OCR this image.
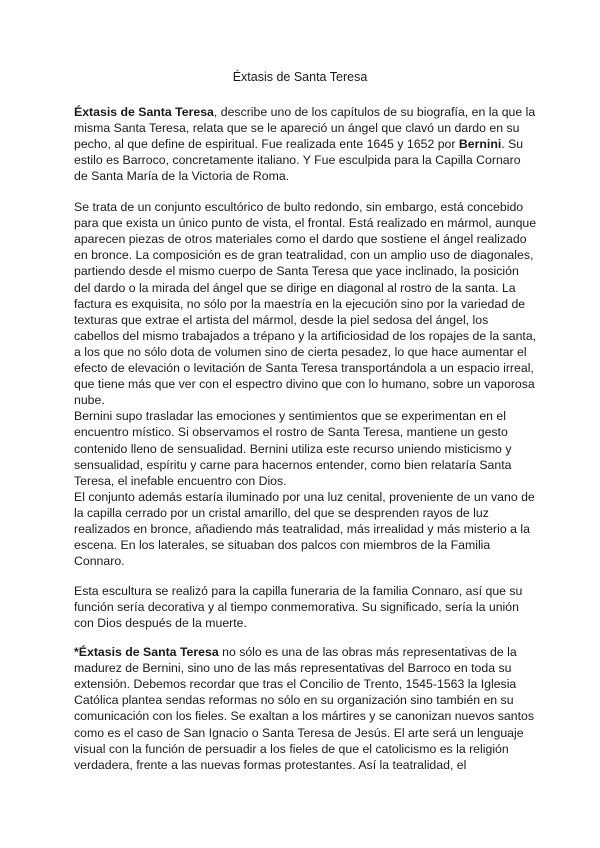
Éxtasis de Santa Teresa
Éxtasis de Santa Teresa, describe uno de los capítulos de su biografía, en la que la
misma Santa Teresa, relata que se le apareció un ángel que clavó un dardo en su
pecho, al que define de espiritual. Fue realizada ente 1645 y 1652 por Bernini. Su
estilo es Barroco, concretamente italiano. Y Fue esculpida para la Capilla Cornaro
de Santa María de la Victoria de Roma.
Se trata de un conjunto escultórico de bulto redondo, sin embargo, está concebido
para que exista un único punto de vista, el frontal. Está realizado en mármol, aunque
aparecen piezas de otros materiales como el dardo que sostiene el ángel realizado
en bronce. La composición es de gran teatralidad, con un amplio uso de diagonales,
partiendo desde el mismo cuerpo de Santa Teresa que yace inclinado, la posición
del dardo o la mirada del ángel que se dirige en diagonal al rostro de la santa. La
factura es exquisita, no sólo por la maestría en la ejecución sino por la variedad de
texturas que extrae el artista del mármol, desde la piel sedosa del ángel, los
cabellos del mismo trabajados a trépano y la artificiosidad de los ropajes de la santa,
a los que no sólo dota de volumen sino de cierta pesadez, lo que hace aumentar el
efecto de elevación o levitación de Santa Teresa transportándola a un espacio irreal,
que tiene más que ver con el espectro divino que con lo humano, sobre un vaporosa
nube.
Bernini supo trasladar las emociones y sentimientos que se experimentan en el
encuentro místico. Si observamos el rostro de Santa Teresa, mantiene un gesto
contenido lleno de sensualidad. Bernini utiliza este recurso uniendo misticismo y
sensualidad, espíritu y carne para hacernos entender, como bien relataría Santa
Teresa, el inefable encuentro con Dios.
El conjunto además estaría iluminado por una luz cenital, proveniente de un vano de
la capilla cerrado por un cristal amarillo, del que se desprenden rayos de luz
realizados en bronce, añadiendo más teatralidad, más irrealidad y más misterio a la
escena. En los laterales, se situaban dos palcos con miembros de la Familia
Connaro.
Esta escultura se realizó para la capilla funeraria de la familia Connaro, así que su
función sería decorativa y al tiempo conmemorativa. Su significado, sería la unión
con Dios después de la muerte.
*Éxtasis de Santa Teresa no sólo es una de las obras más representativas de la
madurez de Bernini, sino uno de las más representativas del Barroco en toda su
extensión. Debemos recordar que tras el Concilio de Trento, 1545-1563 la Iglesia
Católica plantea sendas reformas no sólo en su organización sino también en su
comunicación con los fieles. Se exaltan a los mártires y se canonizan nuevos santos
como es el caso de San Ignacio o Santa Teresa de Jesús. El arte será un lenguaje
visual con la función de persuadir a los fieles de que el catolicismo es la religión
verdadera, frente a las nuevas formas protestantes. Así la teatralidad, el
